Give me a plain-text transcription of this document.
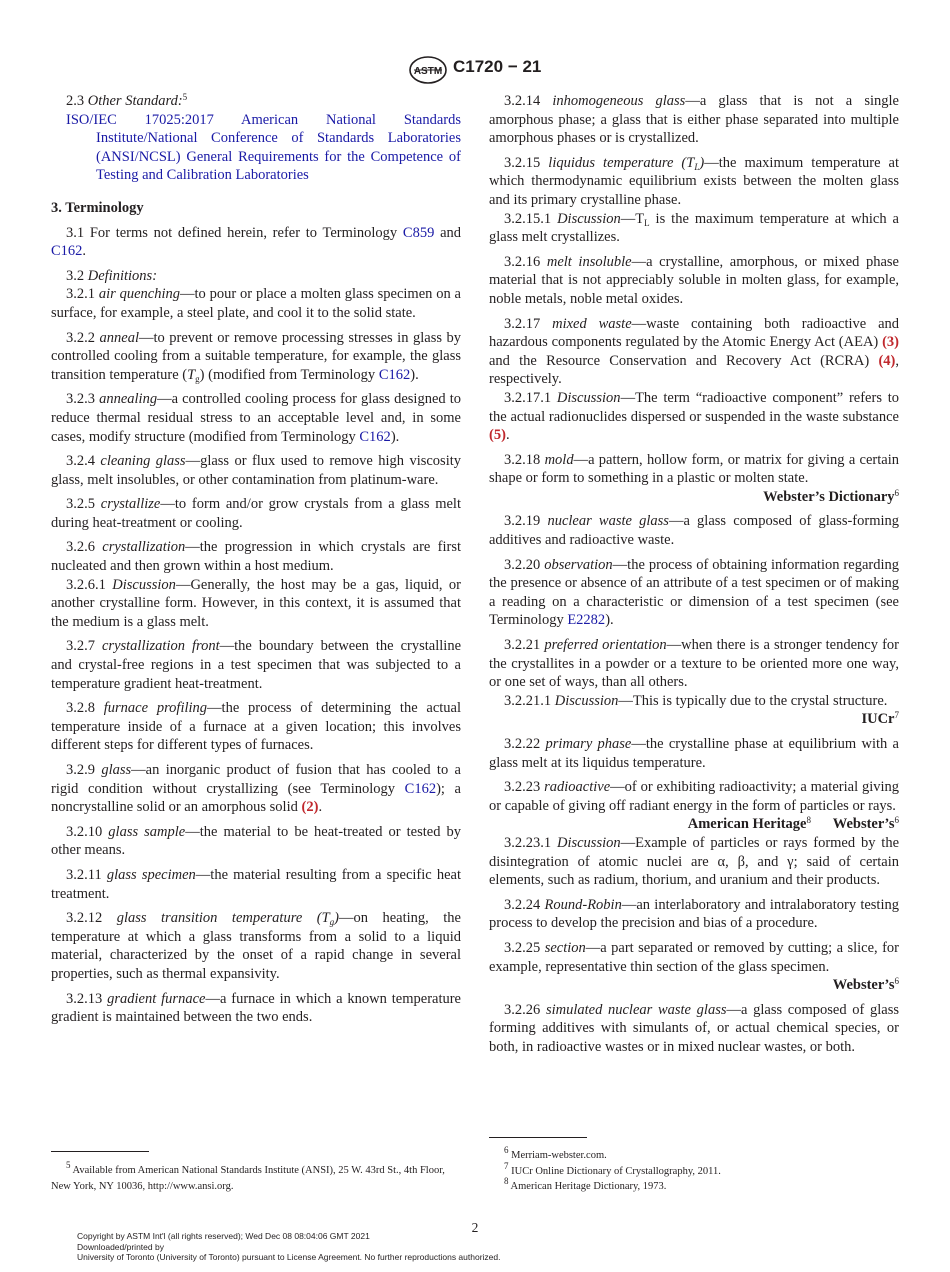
ASTM C1720 − 21

2.3 Other Standard:$^5$

ISO/IEC 17025:2017 American National Standards Institute/National Conference of Standards Laboratories (ANSI/NCSL) General Requirements for the Competence of Testing and Calibration Laboratories

3. Terminology

3.1 For terms not defined herein, refer to Terminology C859 and C162.

3.2 Definitions:

3.2.1 air quenching—to pour or place a molten glass specimen on a surface, for example, a steel plate, and cool it to the solid state.

3.2.2 anneal—to prevent or remove processing stresses in glass by controlled cooling from a suitable temperature, for example, the glass transition temperature $(T_g)$ (modified from Terminology C162).

3.2.3 annealing—a controlled cooling process for glass designed to reduce thermal residual stress to an acceptable level and, in some cases, modify structure (modified from Terminology C162).

3.2.4 cleaning glass—glass or flux used to remove high viscosity glass, melt insolubles, or other contamination from platinum-ware.

3.2.5 crystallize—to form and/or grow crystals from a glass melt during heat-treatment or cooling.

3.2.6 crystallization—the progression in which crystals are first nucleated and then grown within a host medium.

3.2.6.1 Discussion—Generally, the host may be a gas, liquid, or another crystalline form. However, in this context, it is assumed that the medium is a glass melt.

3.2.7 crystallization front—the boundary between the crystalline and crystal-free regions in a test specimen that was subjected to a temperature gradient heat-treatment.

3.2.8 furnace profiling—the process of determining the actual temperature inside of a furnace at a given location; this involves different steps for different types of furnaces.

3.2.9 glass—an inorganic product of fusion that has cooled to a rigid condition without crystallizing (see Terminology C162); a noncrystalline solid or an amorphous solid (2).

3.2.10 glass sample—the material to be heat-treated or tested by other means.

3.2.11 glass specimen—the material resulting from a specific heat treatment.

3.2.12 glass transition temperature $(T_g)—on$ heating, the temperature at which a glass transforms from a solid to a liquid material, characterized by the onset of a rapid change in several properties, such as thermal expansivity.

3.2.13 gradient furnace—a furnace in which a known temperature gradient is maintained between the two ends.

3.2.14 inhomogeneous glass—a glass that is not a single amorphous phase; a glass that is either phase separated into multiple amorphous phases or is crystallized.

3.2.15 liquidus temperature $(T_L)—the$ maximum temperature at which thermodynamic equilibrium exists between the molten glass and its primary crystalline phase.

3.2.15.1 $Discussion—T_L$ is the maximum temperature at which a glass melt crystallizes.

3.2.16 melt insoluble—a crystalline, amorphous, or mixed phase material that is not appreciably soluble in molten glass, for example, noble metals, noble metal oxides.

3.2.17 mixed waste—waste containing both radioactive and hazardous components regulated by the Atomic Energy Act (AEA) (3) and the Resource Conservation and Recovery Act (RCRA) (4), respectively.

3.2.17.1 Discussion—The term “radioactive component” refers to the actual radionuclides dispersed or suspended in the waste substance (5).

3.2.18 mold—a pattern, hollow form, or matrix for giving a certain shape or form to something in a plastic or molten state.

Webster’s Dictionary$^6$

3.2.19 nuclear waste glass—a glass composed of glass-forming additives and radioactive waste.

3.2.20 observation—the process of obtaining information regarding the presence or absence of an attribute of a test specimen or of making a reading on a characteristic or dimension of a test specimen (see Terminology E2282).

3.2.21 preferred orientation—when there is a stronger tendency for the crystallites in a powder or a texture to be oriented more one way, or one set of ways, than all others.

3.2.21.1 Discussion—This is typically due to the crystal structure.
IUCr$^7$

3.2.22 primary phase—the crystalline phase at equilibrium with a glass melt at its liquidus temperature.

3.2.23 radioactive—of or exhibiting radioactivity; a material giving or capable of giving off radiant energy in the form of particles or rays.
American Heritage$^8$ $Webster’s^6$

3.2.23.1 Discussion—Example of particles or rays formed by the disintegration of atomic nuclei are α, β, and γ; said of certain elements, such as radium, thorium, and uranium and their products.

3.2.24 Round-Robin—an interlaboratory and intralaboratory testing process to develop the precision and bias of a procedure.

3.2.25 section—a part separated or removed by cutting; a slice, for example, representative thin section of the glass specimen.
$Webster’s^6$

3.2.26 simulated nuclear waste glass—a glass composed of glass forming additives with simulants of, or actual chemical species, or both, in radioactive wastes or in mixed nuclear wastes, or both.

$^5$ Available from American National Standards Institute (ANSI), 25 W. 43rd St., 4th Floor, New York, NY 10036, http://www.ansi.org.
$^6$ Merriam-webster.com.
$^7$ IUCr Online Dictionary of Crystallography, 2011.
$^8$ American Heritage Dictionary, 1973.
2
Copyright by ASTM Int'l (all rights reserved); Wed Dec 08 08:04:06 GMT 2021
Downloaded/printed by
University of Toronto (University of Toronto) pursuant to License Agreement. No further reproductions authorized.
